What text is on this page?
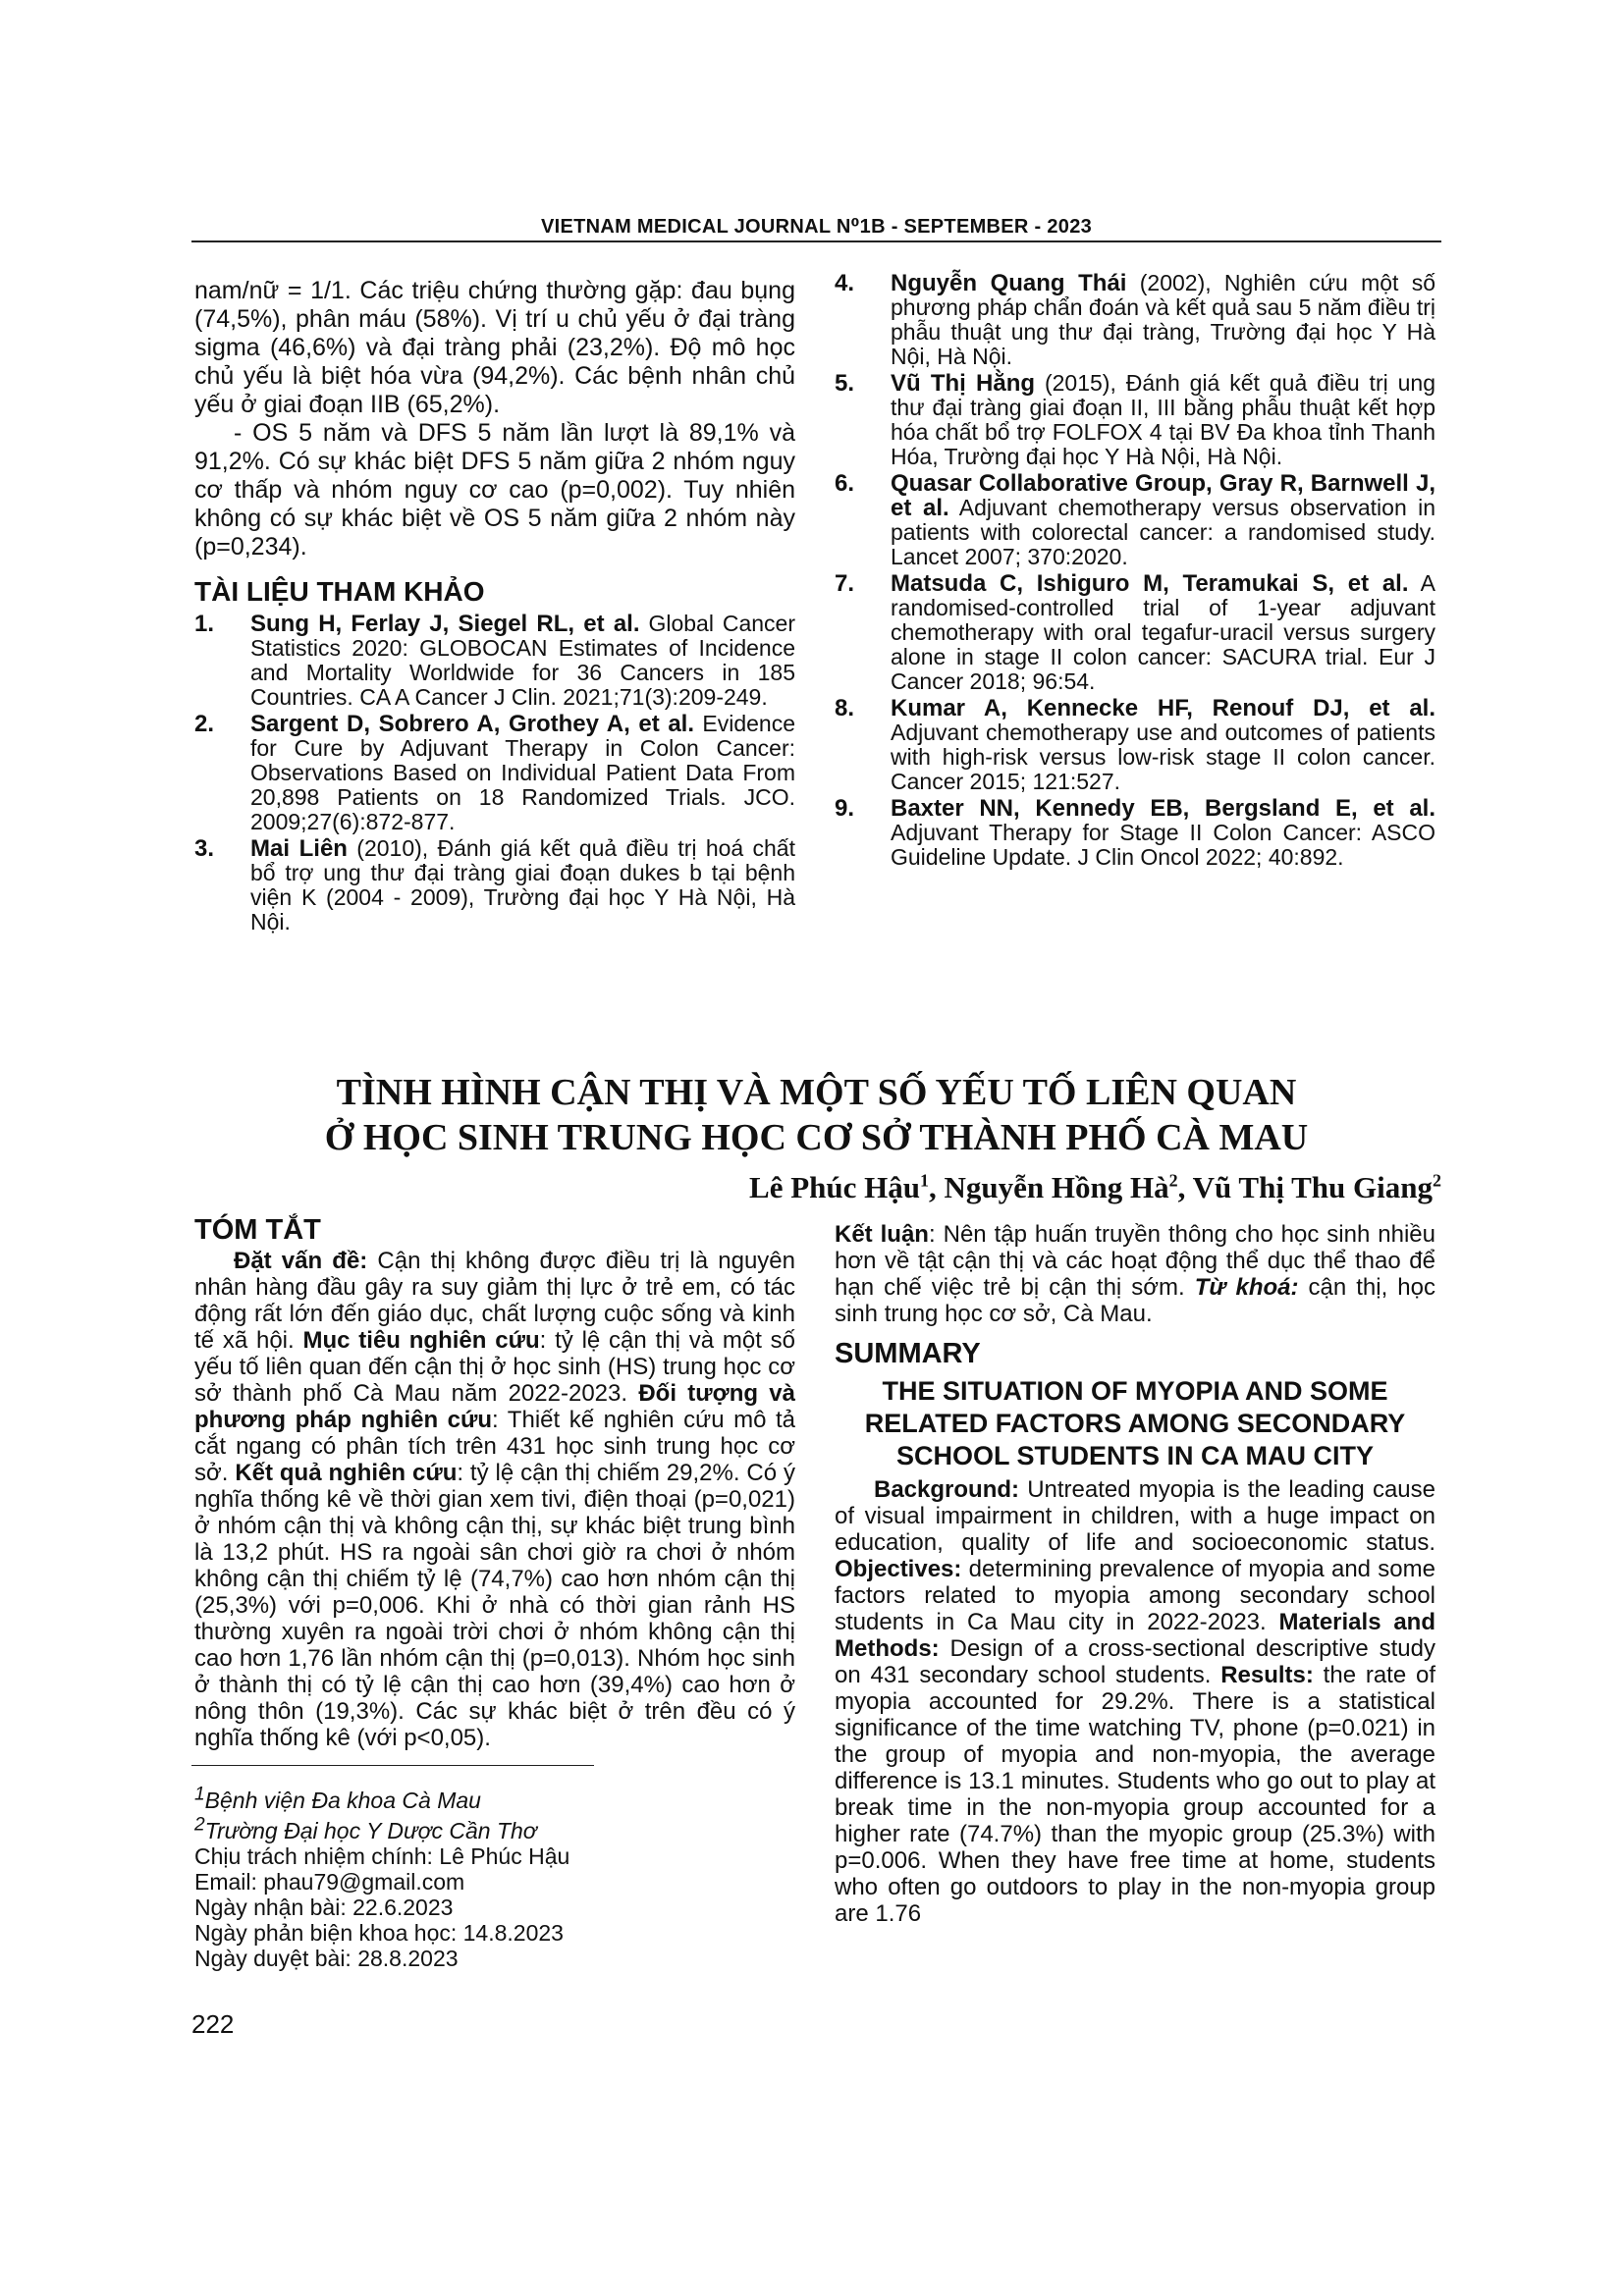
VIETNAM MEDICAL JOURNAL N⁰1B - SEPTEMBER - 2023

nam/nữ = 1/1. Các triệu chứng thường gặp: đau bụng (74,5%), phân máu (58%). Vị trí u chủ yếu ở đại tràng sigma (46,6%) và đại tràng phải (23,2%). Độ mô học chủ yếu là biệt hóa vừa (94,2%). Các bệnh nhân chủ yếu ở giai đoạn IIB (65,2%).

- OS 5 năm và DFS 5 năm lần lượt là 89,1% và 91,2%. Có sự khác biệt DFS 5 năm giữa 2 nhóm nguy cơ thấp và nhóm nguy cơ cao (p=0,002). Tuy nhiên không có sự khác biệt về OS 5 năm giữa 2 nhóm này (p=0,234).

TÀI LIỆU THAM KHẢO
1. Sung H, Ferlay J, Siegel RL, et al. Global Cancer Statistics 2020: GLOBOCAN Estimates of Incidence and Mortality Worldwide for 36 Cancers in 185 Countries. CA A Cancer J Clin. 2021;71(3):209-249.
2. Sargent D, Sobrero A, Grothey A, et al. Evidence for Cure by Adjuvant Therapy in Colon Cancer: Observations Based on Individual Patient Data From 20,898 Patients on 18 Randomized Trials. JCO. 2009;27(6):872-877.
3. Mai Liên (2010), Đánh giá kết quả điều trị hoá chất bổ trợ ung thư đại tràng giai đoạn dukes b tại bệnh viện K (2004 - 2009), Trường đại học Y Hà Nội, Hà Nội.
4. Nguyễn Quang Thái (2002), Nghiên cứu một số phương pháp chẩn đoán và kết quả sau 5 năm điều trị phẫu thuật ung thư đại tràng, Trường đại học Y Hà Nội, Hà Nội.
5. Vũ Thị Hằng (2015), Đánh giá kết quả điều trị ung thư đại tràng giai đoạn II, III bằng phẫu thuật kết hợp hóa chất bổ trợ FOLFOX 4 tại BV Đa khoa tỉnh Thanh Hóa, Trường đại học Y Hà Nội, Hà Nội.
6. Quasar Collaborative Group, Gray R, Barnwell J, et al. Adjuvant chemotherapy versus observation in patients with colorectal cancer: a randomised study. Lancet 2007; 370:2020.
7. Matsuda C, Ishiguro M, Teramukai S, et al. A randomised-controlled trial of 1-year adjuvant chemotherapy with oral tegafur-uracil versus surgery alone in stage II colon cancer: SACURA trial. Eur J Cancer 2018; 96:54.
8. Kumar A, Kennecke HF, Renouf DJ, et al. Adjuvant chemotherapy use and outcomes of patients with high-risk versus low-risk stage II colon cancer. Cancer 2015; 121:527.
9. Baxter NN, Kennedy EB, Bergsland E, et al. Adjuvant Therapy for Stage II Colon Cancer: ASCO Guideline Update. J Clin Oncol 2022; 40:892.
TÌNH HÌNH CẬN THỊ VÀ MỘT SỐ YẾU TỐ LIÊN QUAN
Ở HỌC SINH TRUNG HỌC CƠ SỞ THÀNH PHỐ CÀ MAU
Lê Phúc Hậu$^1$, Nguyễn Hồng $Hà^2$, Vũ Thị Thu Giang$^2$
TÓM TẮT

Đặt vấn đề: Cận thị không được điều trị là nguyên nhân hàng đầu gây ra suy giảm thị lực ở trẻ em, có tác động rất lớn đến giáo dục, chất lượng cuộc sống và kinh tế xã hội. Mục tiêu nghiên cứu: tỷ lệ cận thị và một số yếu tố liên quan đến cận thị ở học sinh (HS) trung học cơ sở thành phố Cà Mau năm 2022-2023. Đối tượng và phương pháp nghiên cứu: Thiết kế nghiên cứu mô tả cắt ngang có phân tích trên 431 học sinh trung học cơ sở. Kết quả nghiên cứu: tỷ lệ cận thị chiếm 29,2%. Có ý nghĩa thống kê về thời gian xem tivi, điện thoại (p=0,021) ở nhóm cận thị và không cận thị, sự khác biệt trung bình là 13,2 phút. HS ra ngoài sân chơi giờ ra chơi ở nhóm không cận thị chiếm tỷ lệ (74,7%) cao hơn nhóm cận thị (25,3%) với p=0,006. Khi ở nhà có thời gian rảnh HS thường xuyên ra ngoài trời chơi ở nhóm không cận thị cao hơn 1,76 lần nhóm cận thị (p=0,013). Nhóm học sinh ở thành thị có tỷ lệ cận thị cao hơn (39,4%) cao hơn ở nông thôn (19,3%). Các sự khác biệt ở trên đều có ý nghĩa thống kê (với p<0,05).

Kết luận: Nên tập huấn truyền thông cho học sinh nhiều hơn về tật cận thị và các hoạt động thể dục thể thao để hạn chế việc trẻ bị cận thị sớm. Từ khoá: cận thị, học sinh trung học cơ sở, Cà Mau.

SUMMARY
THE SITUATION OF MYOPIA AND SOME RELATED FACTORS AMONG SECONDARY SCHOOL STUDENTS IN CA MAU CITY

Background: Untreated myopia is the leading cause of visual impairment in children, with a huge impact on education, quality of life and socioeconomic status. Objectives: determining prevalence of myopia and some factors related to myopia among secondary school students in Ca Mau city in 2022-2023. Materials and Methods: Design of a cross-sectional descriptive study on 431 secondary school students. Results: the rate of myopia accounted for 29.2%. There is a statistical significance of the time watching TV, phone (p=0.021) in the group of myopia and non-myopia, the average difference is 13.1 minutes. Students who go out to play at break time in the non-myopia group accounted for a higher rate (74.7%) than the myopic group (25.3%) with p=0.006. When they have free time at home, students who often go outdoors to play in the non-myopia group are 1.76

$^1$Bệnh viện Đa khoa Cà Mau
$^2$Trường Đại học Y Dược Cần Thơ
Chịu trách nhiệm chính: Lê Phúc Hậu
Email: phau79@gmail.com
Ngày nhận bài: 22.6.2023
Ngày phản biện khoa học: 14.8.2023
Ngày duyệt bài: 28.8.2023
222
